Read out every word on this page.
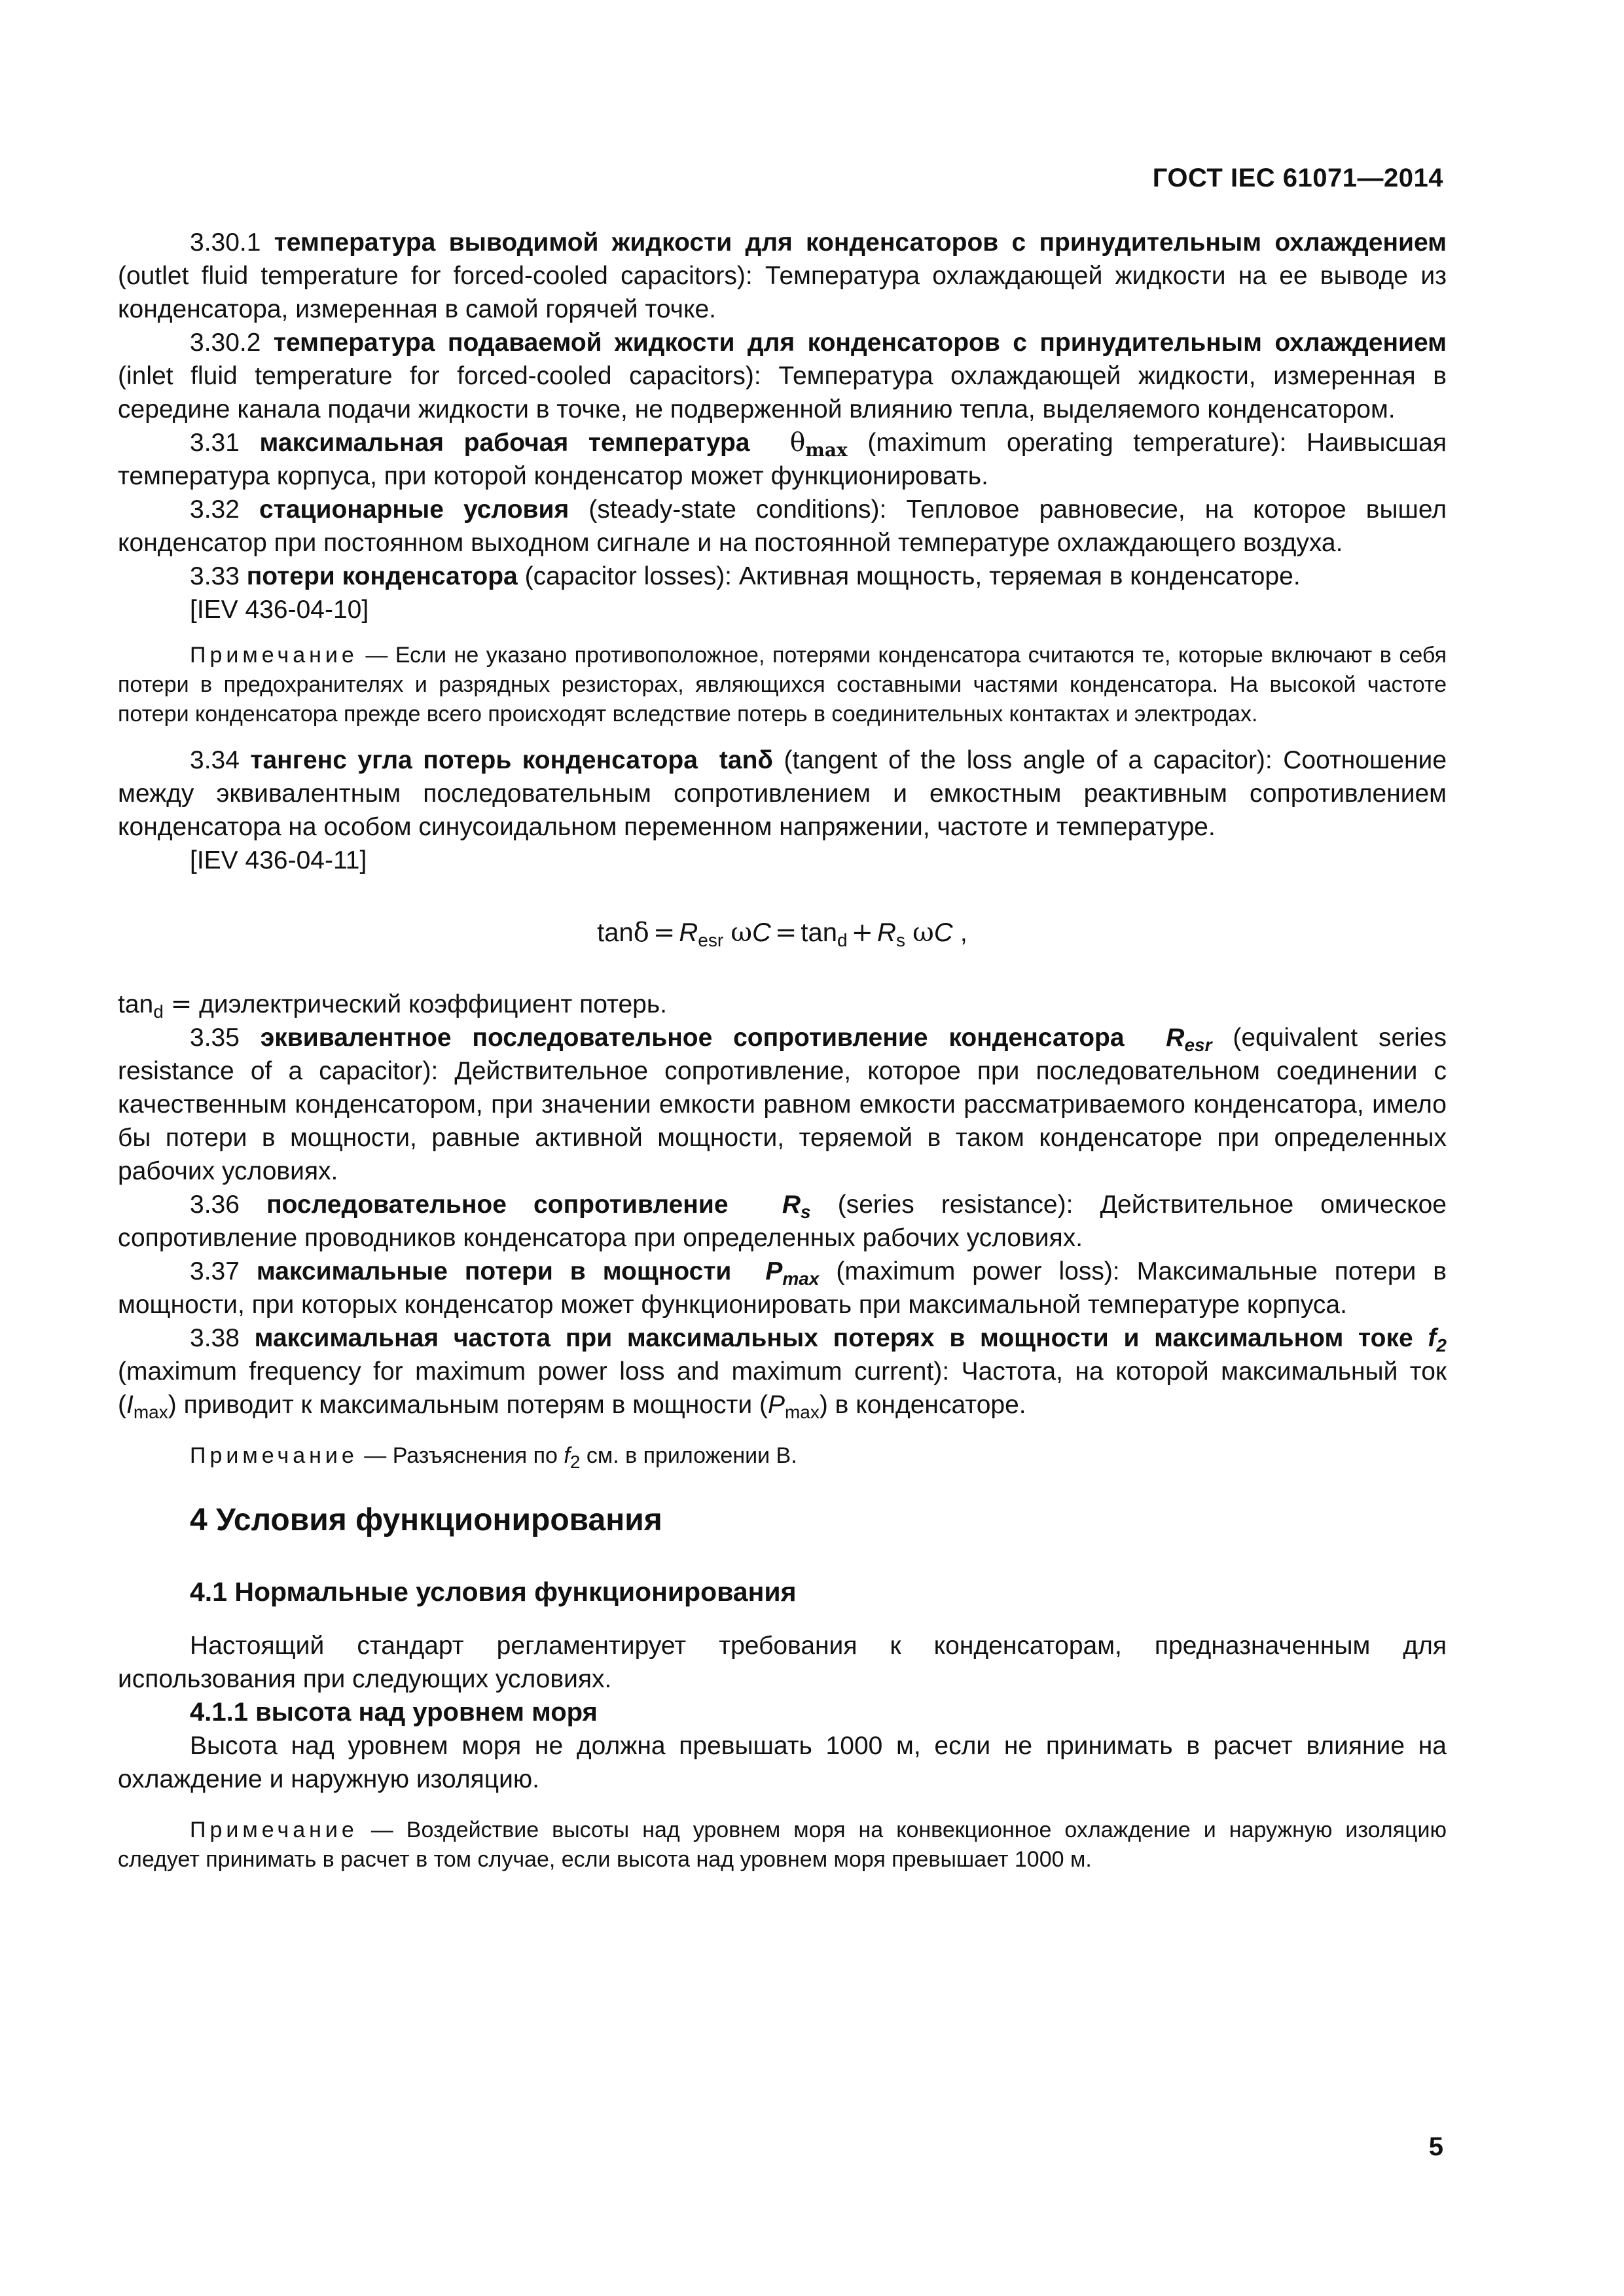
ГОСТ IEC 61071—2014

3.30.1 температура выводимой жидкости для конденсаторов с принудительным охлаждением (outlet fluid temperature for forced-cooled capacitors): Температура охлаждающей жидкости на ее выводе из конденсатора, измеренная в самой горячей точке.

3.30.2 температура подаваемой жидкости для конденсаторов с принудительным охлаждением (inlet fluid temperature for forced-cooled capacitors): Температура охлаждающей жидкости, измеренная в середине канала подачи жидкости в точке, не подверженной влиянию тепла, выделяемого конденсатором.

3.31 максимальная рабочая температура $\theta_{max}$ (maximum operating temperature): Наивысшая температура корпуса, при которой конденсатор может функционировать.

3.32 стационарные условия (steady-state conditions): Тепловое равновесие, на которое вышел конденсатор при постоянном выходном сигнале и на постоянной температуре охлаждающего воздуха.

3.33 потери конденсатора (capacitor losses): Активная мощность, теряемая в конденсаторе.

[IEV 436-04-10]

Примечание — Если не указано противоположное, потерями конденсатора считаются те, которые включают в себя потери в предохранителях и разрядных резисторах, являющихся составными частями конденсатора. На высокой частоте потери конденсатора прежде всего происходят вследствие потерь в соединительных контактах и электродах.

3.34 тангенс угла потерь конденсатора tanδ (tangent of the loss angle of a capacitor): Соотношение между эквивалентным последовательным сопротивлением и емкостным реактивным сопротивлением конденсатора на особом синусоидальном переменном напряжении, частоте и температуре.

[IEV 436-04-11]

$\tan\delta = R_{esr}$ $\omega C = \tan_d + R_s$ ωC ,

$\tan_d$ = диэлектрический коэффициент потерь.

3.35 эквивалентное последовательное сопротивление конденсатора $R_{esr}$ (equivalent series resistance of a capacitor): Действительное сопротивление, которое при последовательном соединении с качественным конденсатором, при значении емкости равном емкости рассматриваемого конденсатора, имело бы потери в мощности, равные активной мощности, теряемой в таком конденсаторе при определенных рабочих условиях.

3.36 последовательное сопротивление $R_s$ (series resistance): Действительное омическое сопротивление проводников конденсатора при определенных рабочих условиях.

3.37 максимальные потери в мощности $P_{max}$ (maximum power loss): Максимальные потери в мощности, при которых конденсатор может функционировать при максимальной температуре корпуса.

3.38 максимальная частота при максимальных потерях в мощности и максимальном токе $f_2$ (maximum frequency for maximum power loss and maximum current): Частота, на которой максимальный ток $(I_{max})$ приводит к максимальным потерям в мощности $(P_{max})$ в конденсаторе.

Примечание — Разъяснения по $f_2$ см. в приложении В.

4 Условия функционирования
4.1 Нормальные условия функционирования

Настоящий стандарт регламентирует требования к конденсаторам, предназначенным для использования при следующих условиях.

4.1.1 высота над уровнем моря

Высота над уровнем моря не должна превышать 1000 м, если не принимать в расчет влияние на охлаждение и наружную изоляцию.

Примечание — Воздействие высоты над уровнем моря на конвекционное охлаждение и наружную изоляцию следует принимать в расчет в том случае, если высота над уровнем моря превышает 1000 м.

5
